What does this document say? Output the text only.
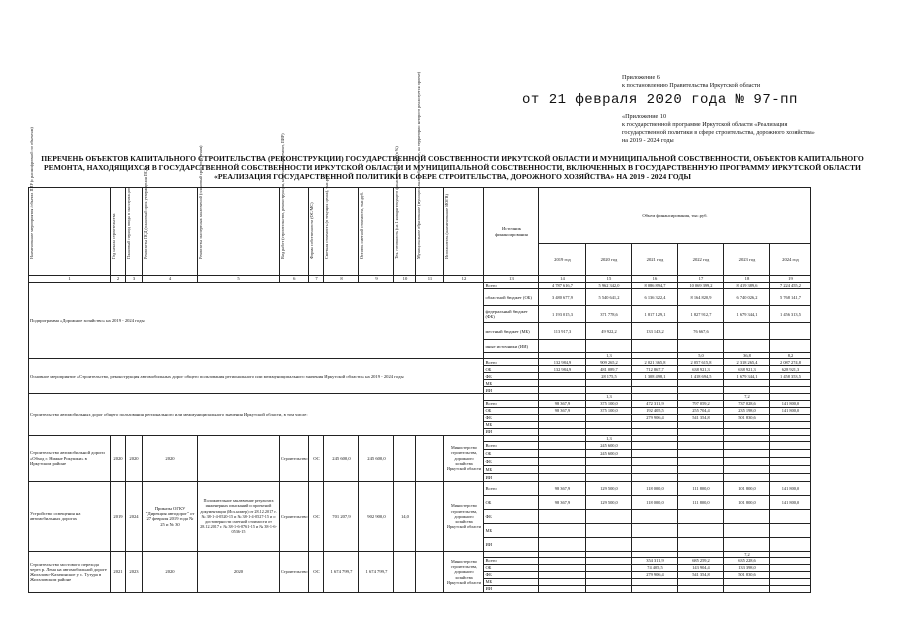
Приложение 6
к постановлению Правительства Иркутской области
от 21 февраля 2020 года № 97-пп
«Приложение 10
к государственной программе Иркутской области «Реализация
государственной политики в сфере строительства, дорожного хозяйства»
на 2019 - 2024 годы
ПЕРЕЧЕНЬ ОБЪЕКТОВ КАПИТАЛЬНОГО СТРОИТЕЛЬСТВА (РЕКОНСТРУКЦИИ) ГОСУДАРСТВЕННОЙ СОБСТВЕННОСТИ ИРКУТСКОЙ ОБЛАСТИ И МУНИЦИПАЛЬНОЙ СОБСТВЕННОСТИ, ОБЪЕКТОВ КАПИТАЛЬНОГО РЕМОНТА, НАХОДЯЩИХСЯ В ГОСУДАРСТВЕННОЙ СОБСТВЕННОСТИ ИРКУТСКОЙ ОБЛАСТИ И МУНИЦИПАЛЬНОЙ СОБСТВЕННОСТИ, ВКЛЮЧЕННЫХ В ГОСУДАРСТВЕННУЮ ПРОГРАММУ ИРКУТСКОЙ ОБЛАСТИ «РЕАЛИЗАЦИЯ ГОСУДАРСТВЕННОЙ ПОЛИТИКИ В СФЕРЕ СТРОИТЕЛЬСТВА, ДОРОЖНОГО ХОЗЯЙСТВА» НА 2019 - 2024 ГОДЫ
Наименование мероприятия /объекта ПИР (с расшифровкой по объектам)	Год начала строительства	Плановый период ввода в эксплуатацию	Реквизиты ПСД (плановый срок утверждения ПСД)	Реквизиты экспертных заключений (плановый срок получения)	Вид работ (строительство, реконструкция, капитальный ремонт, ПИР)	Форма собственности (ОС/МС)	Сметная стоимость (в текущих ценах), тыс.руб.	Остаток сметной стоимости, тыс.руб.	Тех. готовность (на 1 января текущего финансового года) (в %)	Муниципальное образование (муниципальное образование, на территории которого реализуется проект)	Исполнитель (наименование ИОГВ)	Источник финансирования	Объем финансирования, тыс.руб.					
													2019 год	2020 год	2021 год	2022 год	2023 год	2024 год
1	2	3	4	5	6	7	8	9	10	11	12	13	14	15	16	17	18	19
Подпрограмма «Дорожное хозяйство» на 2019 - 2024 годы												Всего	4 787 616,7	5 962 342,0	8 086 894,7	10 069 399,2	8 419 389,6	7 224 455,2
												областной бюджет (ОБ)	3 480 677,9	5 540 641,2	6 136 322,4	8 164 820,9	6 740 026,2	5 768 141,7
												федеральный бюджет (ФБ)	1 193 015,3	371 778,6	1 817 129,1	1 827 912,7	1 679 344,1	1 456 313,5
												местный бюджет (МБ)	113 917,3	49 922,2	133 143,2	76 667,6		
												иные источники (ИИ)						
														1,3		5,0	36,8	8,2
Основное мероприятие «Строительство, реконструкция автомобильных дорог общего пользования регионального или межмуниципального значения Иркутской области» на 2019 - 2024 годы												Всего	132 984,9	909 265,2	2 021 365,8	2 057 615,8	2 318 265,4	2 087 274,8
												ОБ	132 984,9	481 089,7	712 867,7	638 921,3	638 921,3	628 921,3
												ФБ		28 175,5	1 308 498,1	1 418 694,5	1 679 344,1	1 458 353,5
												МБ						
												ИИ						
Строительство автомобильных дорог общего пользования регионального или межмуниципального значения Иркутской области, в том числе:														1,3			7,2	
												Всего	98 367,9	375 100,0	472 311,9	797 059,2	737 028,6	141 800,0
												ОБ	98 367,9	375 100,0	192 405,5	255 704,4	235 198,0	141 800,0
												ФБ			279 906,4	541 354,8	501 830,6	
												МБ						
												ИИ						
Строительство автомобильной дороги «Обход г. Нижне Рокушки» в Иркутском районе	2020	2020	2020		Строительство	ОС	245 600,0	245 600,0			Министерство строительства, дорожного хозяйства Иркутской области			1,3				
												Всего		245 600,0				
												ОБ		245 600,0				
												ФБ						
												МБ						
												ИИ						
Устройство освещения на автомобильных дорогах	2019	2024	Приказы ОГКУ "Дирекция автодорог" от 27 февраля 2019 года № 25 и № 30	Положительное заключение результата инженерных изысканий и проектной документации (Исх.номер) от 28.12.2017 г. № 38-1-4-0520-15 и № 38-1-4-0527-15 и о достоверности сметной стоимости от 28.12.2017 г. № 38-1-6-0761-15 и № 38-1-6-0536-15	Строительство	ОС	701 207,9	902 900,0	14,0		Министерство строительства, дорожного хозяйства Иркутской области	Всего	98 367,9	129 500,0	118 000,0	111 800,0	101 800,0	141 800,0
												ОБ	98 367,9	129 500,0	118 000,0	111 800,0	101 800,0	141 800,0
												ФБ						
												МБ						
												ИИ						
Строительство мостового перехода через р. Ленa на автомобильной дороге Жигалово-Казачинское у с. Тутура в Жигаловском районе	2021	2023	2020	2020	Строительство	ОС	1 674 799,7	1 674 799,7			Министерство строительства, дорожного хозяйства Иркутской области						7,2	
												Всего			354 311,9	685 259,2	635 228,6	
												ОБ			74 405,5	143 904,4	133 398,0	
												ФБ			279 906,4	541 354,8	501 830,6	
												МБ						
												ИИ						
